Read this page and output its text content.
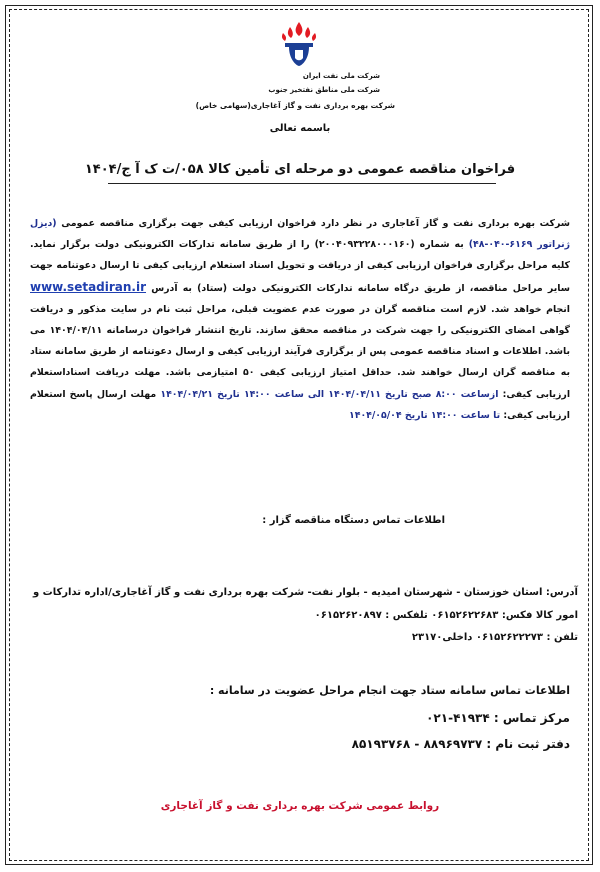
شرکت ملی نفت ایران
شرکت ملی مناطق نفتخیز جنوب
شرکت بهره برداری نفت و گاز آغاجاری(سهامی خاص)
باسمه تعالی
فراخوان مناقصه عمومی دو مرحله ای تأمین کالا ۰۵۸/ت ک آ ج/۱۴۰۴
شرکت بهره برداری نفت و گاز آغاجاری در نظر دارد فراخوان ارزیابی کیفی جهت برگزاری مناقصه عمومی (دیزل ژنراتور ۶۱۶۹-۰۴۰-۴۸) به شماره (۲۰۰۴۰۹۳۲۲۸۰۰۰۱۶۰) را از طریق سامانه تدارکات الکترونیکی دولت برگزار نماید. کلیه مراحل برگزاری فراخوان ارزیابی کیفی از دریافت و تحویل اسناد استعلام ارزیابی کیفی تا ارسال دعوتنامه جهت سایر مراحل مناقصه، از طریق درگاه سامانه تدارکات الکترونیکی دولت (ستاد) به آدرس www.setadiran.ir انجام خواهد شد. لازم است مناقصه گران در صورت عدم عضویت قبلی، مراحل ثبت نام در سایت مذکور و دریافت گواهی امضای الکترونیکی را جهت شرکت در مناقصه محقق سازند. تاریخ انتشار فراخوان درسامانه ۱۴۰۴/۰۴/۱۱ می باشد. اطلاعات و اسناد مناقصه عمومی پس از برگزاری فرآیند ارزیابی کیفی و ارسال دعوتنامه از طریق سامانه ستاد به مناقصه گران ارسال خواهند شد. حداقل امتیاز ارزیابی کیفی ۵۰ امتیازمی باشد. مهلت دریافت اسناداستعلام ارزیابی کیفی: ازساعت ۸:۰۰ صبح تاریخ ۱۴۰۴/۰۴/۱۱ الی ساعت ۱۴:۰۰ تاریخ ۱۴۰۴/۰۴/۲۱ مهلت ارسال پاسخ استعلام ارزیابی کیفی: تا ساعت ۱۴:۰۰ تاریخ ۱۴۰۴/۰۵/۰۴
اطلاعات تماس دستگاه مناقصه گزار :
آدرس: استان خوزستان - شهرستان امیدیه - بلوار نفت- شرکت بهره برداری نفت و گاز آغاجاری/اداره تدارکات و
امور کالا فکس: ۰۶۱۵۲۶۲۲۶۸۳ تلفکس : ۰۶۱۵۲۶۲۰۸۹۷
تلفن : ۰۶۱۵۲۶۲۲۲۷۳ داخلی۲۳۱۷۰
اطلاعات تماس سامانه ستاد جهت انجام مراحل عضویت در سامانه :
مرکز تماس : ۴۱۹۳۴-۰۲۱
دفتر ثبت نام : ۸۸۹۶۹۷۳۷ - ۸۵۱۹۳۷۶۸
روابط عمومی شرکت بهره برداری نفت و گاز آغاجاری
